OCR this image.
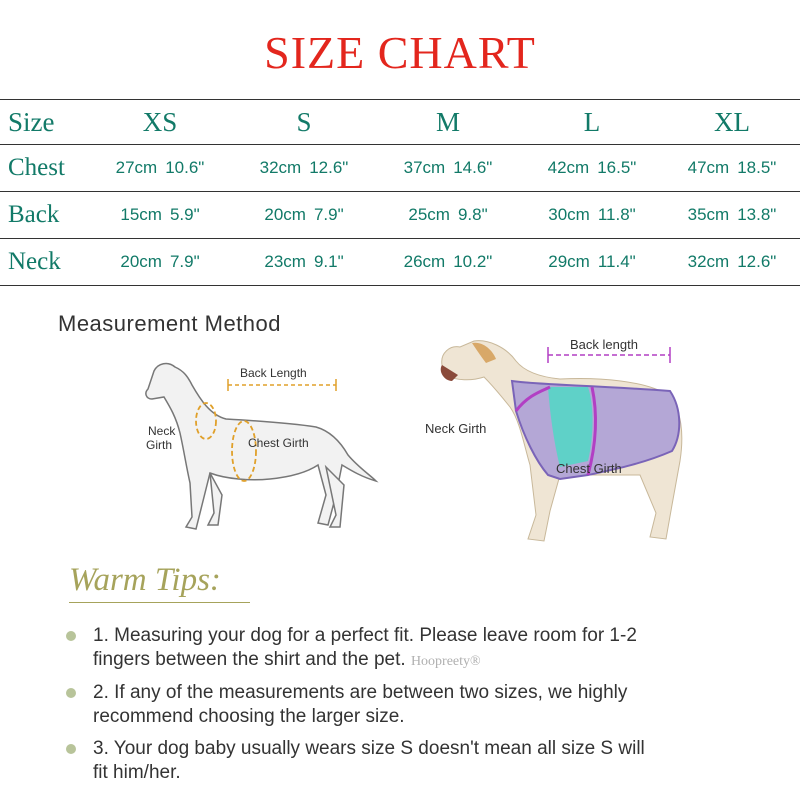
SIZE CHART
Size	XS	S	M	L	XL
Chest	27cm 10.6"	32cm 12.6"	37cm 14.6"	42cm 16.5"	47cm 18.5"
Back	15cm 5.9"	20cm 7.9"	25cm 9.8"	30cm 11.8"	35cm 13.8"
Neck	20cm 7.9"	23cm 9.1"	26cm 10.2"	29cm 11.4"	32cm 12.6"
Measurement Method
Back Length
Neck
Girth	Chest Girth
Back length
Neck Girth
Chest Girth
Warm Tips:
1. Measuring your dog for a perfect fit. Please leave room for 1-2
fingers between the shirt and the pet. Hoopreety®
2. If any of the measurements are between two sizes, we highly
recommend choosing the larger size.
3. Your dog baby usually wears size S doesn't mean all size S will
fit him/her.
